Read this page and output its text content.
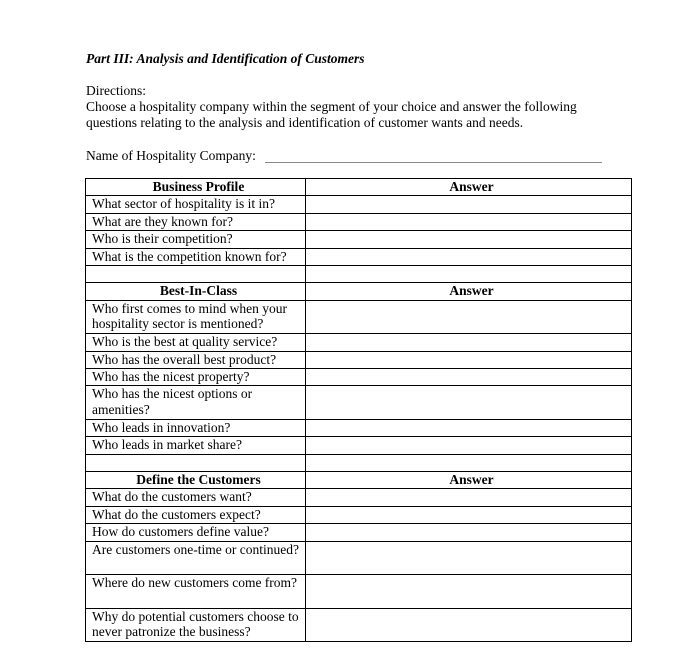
Part III: Analysis and Identification of Customers
Directions:
Choose a hospitality company within the segment of your choice and answer the following questions relating to the analysis and identification of customer wants and needs.
Name of Hospitality Company:
Business Profile	Answer
What sector of hospitality is it in?	
What are they known for?	
Who is their competition?	
What is the competition known for?	

Best-In-Class	Answer
Who first comes to mind when your hospitality sector is mentioned?	
Who is the best at quality service?	
Who has the overall best product?	
Who has the nicest property?	
Who has the nicest options or amenities?	
Who leads in innovation?	
Who leads in market share?	

Define the Customers	Answer
What do the customers want?	
What do the customers expect?	
How do customers define value?	
Are customers one-time or continued?	
Where do new customers come from?	
Why do potential customers choose to never patronize the business?	
